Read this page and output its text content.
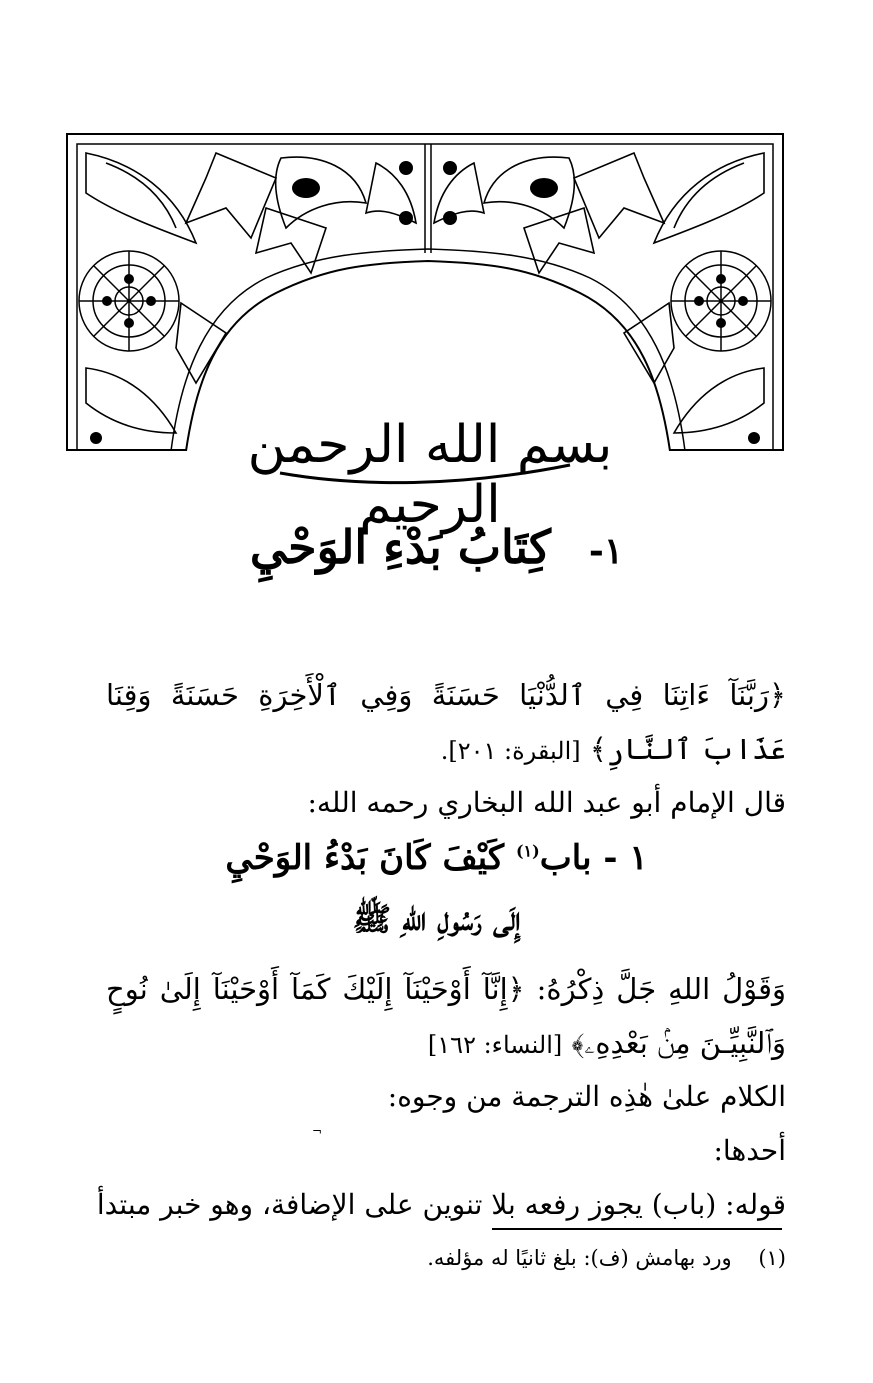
بسم الله الرحمن الرحيم
١- كِتَابُ بَدْءِ الوَحْيِ
﴿رَبَّنَآ ءَاتِنَا فِي ٱلدُّنْيَا حَسَنَةً وَفِي ٱلْأَخِرَةِ حَسَنَةً وَقِنَا
عَذَابَ ٱلنَّارِ﴾ [البقرة: ٢٠١].
قال الإمام أبو عبد الله البخاري رحمه الله:
١ - باب$^{(١)}$ كَيْفَ كَانَ بَدْءُ الوَحْيِ
إِلَى رَسُولِ اللهِ ﷺ
وَقَوْلُ اللهِ جَلَّ ذِكْرُهُ: ﴿إِنَّآ أَوْحَيْنَآ إِلَيْكَ كَمَآ أَوْحَيْنَآ إِلَىٰ نُوحٍ
وَٱلنَّبِيِّـنَ مِنۢ بَعْدِهِۦ﴾ [النساء: ١٦٢]
الكلام علىٰ هٰذِه الترجمة من وجوه:
أحدها:
قوله: (باب) يجوز رفعه بلا تنوين على الإضافة، وهو خبر مبتدأ
¬
(١)    ورد بهامش (ف): بلغ ثانيًا له مؤلفه.
